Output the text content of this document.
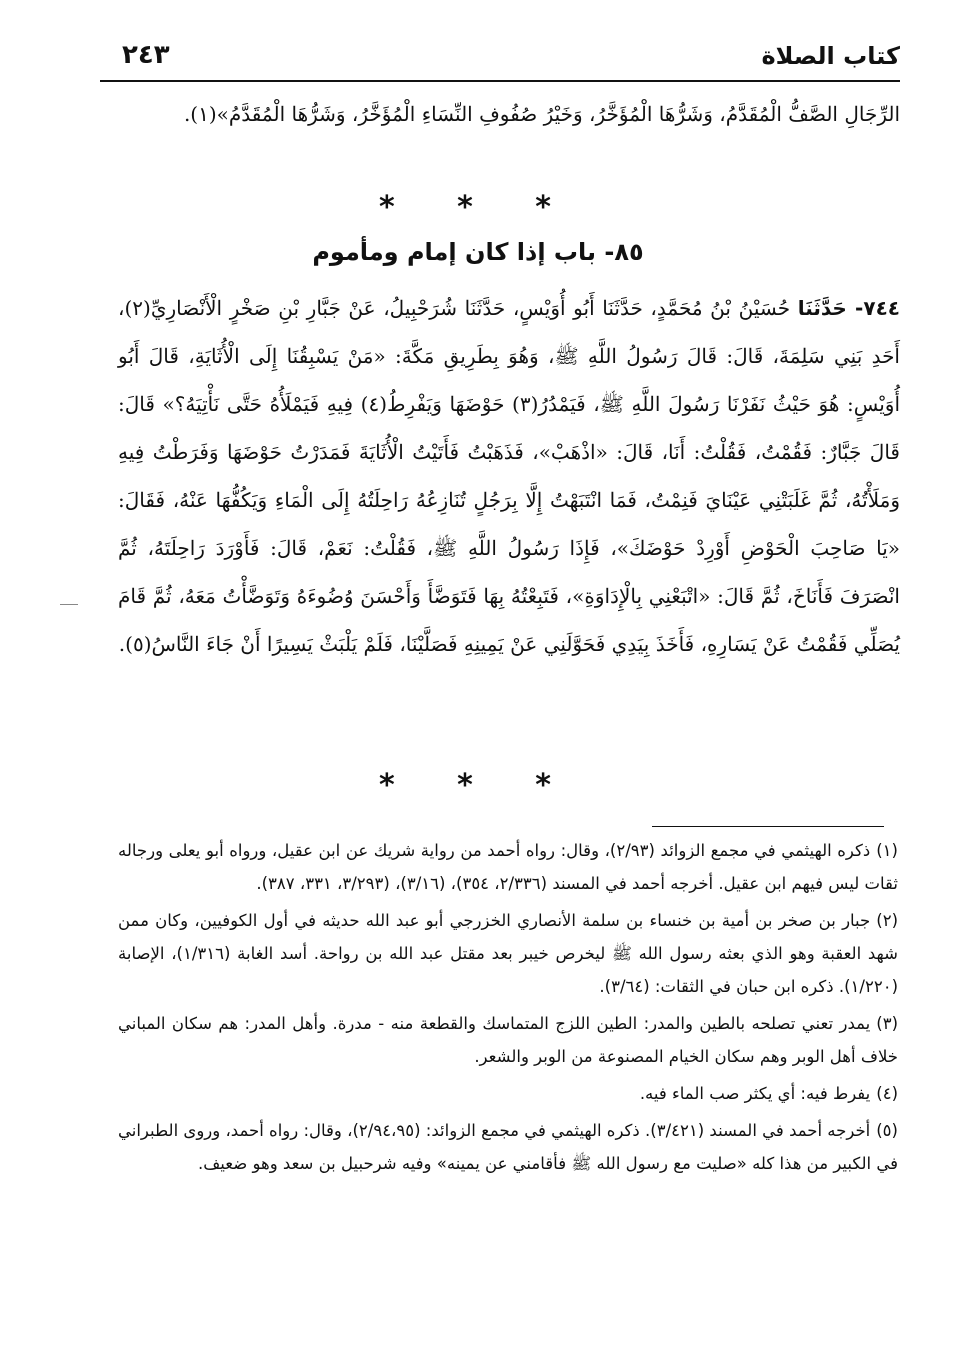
كتاب الصلاة
٢٤٣
الرِّجَالِ الصَّفُّ الْمُقَدَّمُ، وَشَرُّهَا الْمُؤَخَّرُ، وَخَيْرُ صُفُوفِ النِّسَاءِ الْمُؤَخَّرُ، وَشَرُّهَا الْمُقَدَّمُ»(١).
* * *
٨٥- باب إذا كان إمام ومأموم
٧٤٤- حَدَّثَنَا حُسَيْنُ بْنُ مُحَمَّدٍ، حَدَّثَنَا أَبُو أُوَيْسٍ، حَدَّثَنَا شُرَحْبِيلُ، عَنْ جَبَّارِ بْنِ صَخْرٍ الْأَنْصَارِيِّ(٢)، أَحَدِ بَنِي سَلِمَةَ، قَالَ: قَالَ رَسُولُ اللَّهِ ﷺ، وَهُوَ بِطَرِيقِ مَكَّةَ: «مَنْ يَسْبِقُنَا إِلَى الْأُثَايَةِ، قَالَ أَبُو أُوَيْسٍ: هُوَ حَيْثُ نَفَرْنَا رَسُولَ اللَّهِ ﷺ، فَيَمْدُرُ(٣) حَوْضَهَا وَيَفْرِطُ(٤) فِيهِ فَيَمْلَأُهُ حَتَّى نَأْتِيَهُ؟» قَالَ: قَالَ جَبَّارٌ: فَقُمْتُ، فَقُلْتُ: أَنَا، قَالَ: «اذْهَبْ»، فَذَهَبْتُ فَأَتَيْتُ الْأُثَايَةَ فَمَدَرْتُ حَوْضَهَا وَفَرَطْتُ فِيهِ وَمَلَأْتُهُ، ثُمَّ غَلَبَتْنِي عَيْنَايَ فَنِمْتُ، فَمَا انْتَبَهْتُ إِلَّا بِرَجُلٍ تُنَازِعُهُ رَاحِلَتُهُ إِلَى الْمَاءِ وَيَكُفُّهَا عَنْهُ، فَقَالَ: «يَا صَاحِبَ الْحَوْضِ أَوْرِدْ حَوْضَكَ»، فَإِذَا رَسُولُ اللَّهِ ﷺ، فَقُلْتُ: نَعَمْ، قَالَ: فَأَوْرَدَ رَاحِلَتَهُ، ثُمَّ انْصَرَفَ فَأَنَاخَ، ثُمَّ قَالَ: «اتْبَعْنِي بِالْإِدَاوَةِ»، فَتَبِعْتُهُ بِهَا فَتَوَضَّأَ وَأَحْسَنَ وُضُوءَهُ وَتَوَضَّأْتُ مَعَهُ، ثُمَّ قَامَ يُصَلِّي فَقُمْتُ عَنْ يَسَارِهِ، فَأَخَذَ بِيَدِي فَحَوَّلَنِي عَنْ يَمِينِهِ فَصَلَّيْنَا، فَلَمْ يَلْبَثْ يَسِيرًا أَنْ جَاءَ النَّاسُ(٥).
* * *

(١)ذكره الهيثمي في مجمع الزوائد (٢/٩٣)، وقال: رواه أحمد من رواية شريك عن ابن عقيل، ورواه أبو يعلى ورجاله ثقات ليس فيهم ابن عقيل. أخرجه أحمد في المسند (٢/٣٣٦، ٣٥٤)، (٣/١٦)، (٣/٢٩٣، ٣٣١، ٣٨٧).

(٢)جبار بن صخر بن أمية بن خنساء بن سلمة الأنصاري الخزرجي أبو عبد الله حديثه في أول الكوفيين، وكان ممن شهد العقبة وهو الذي بعثه رسول الله ﷺ ليخرص خيبر بعد مقتل عبد الله بن رواحة. أسد الغابة (١/٣١٦)، الإصابة (١/٢٢٠). ذكره ابن حبان في الثقات: (٣/٦٤).

(٣)يمدر تعني تصلحه بالطين والمدر: الطين اللزج المتماسك والقطعة منه - مدرة. وأهل المدر: هم سكان المباني خلاف أهل الوبر وهم سكان الخيام المصنوعة من الوبر والشعر.

(٤)يفرط فيه: أي يكثر صب الماء فيه.

(٥)أخرجه أحمد في المسند (٣/٤٢١). ذكره الهيثمي في مجمع الزوائد: (٢/٩٤،٩٥)، وقال: رواه أحمد، وروى الطبراني في الكبير من هذا كله «صليت مع رسول الله ﷺ فأقامني عن يمينه» وفيه شرحبيل بن سعد وهو ضعيف.
